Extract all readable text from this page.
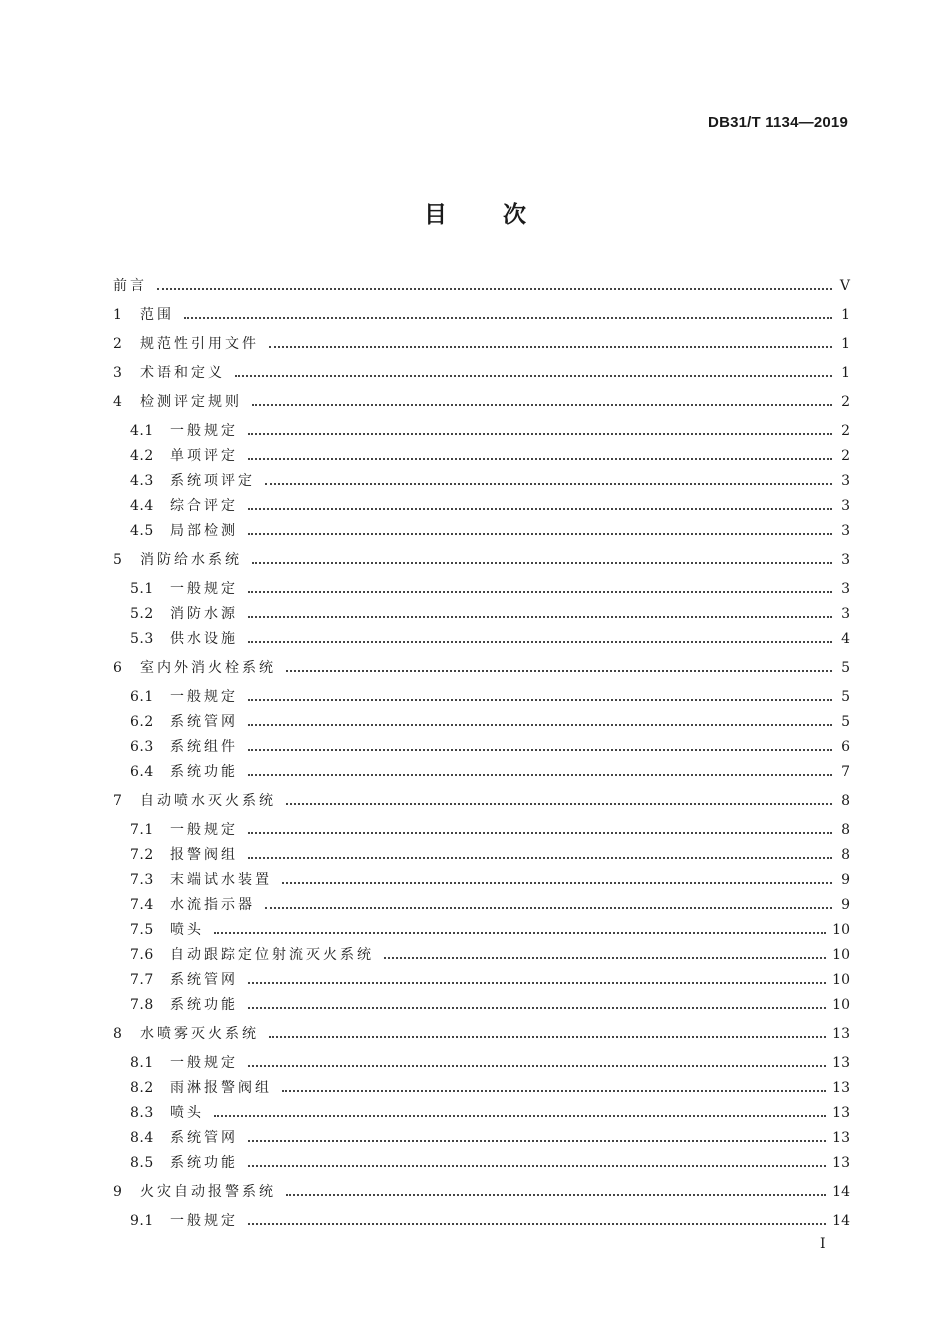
DB31/T 1134—2019
目次
前言	V
1	范围	1
2	规范性引用文件	1
3	术语和定义	1
4	检测评定规则	2
4.1	一般规定	2
4.2	单项评定	2
4.3	系统项评定	3
4.4	综合评定	3
4.5	局部检测	3
5	消防给水系统	3
5.1	一般规定	3
5.2	消防水源	3
5.3	供水设施	4
6	室内外消火栓系统	5
6.1	一般规定	5
6.2	系统管网	5
6.3	系统组件	6
6.4	系统功能	7
7	自动喷水灭火系统	8
7.1	一般规定	8
7.2	报警阀组	8
7.3	末端试水装置	9
7.4	水流指示器	9
7.5	喷头	10
7.6	自动跟踪定位射流灭火系统	10
7.7	系统管网	10
7.8	系统功能	10
8	水喷雾灭火系统	13
8.1	一般规定	13
8.2	雨淋报警阀组	13
8.3	喷头	13
8.4	系统管网	13
8.5	系统功能	13
9	火灾自动报警系统	14
9.1	一般规定	14
I
